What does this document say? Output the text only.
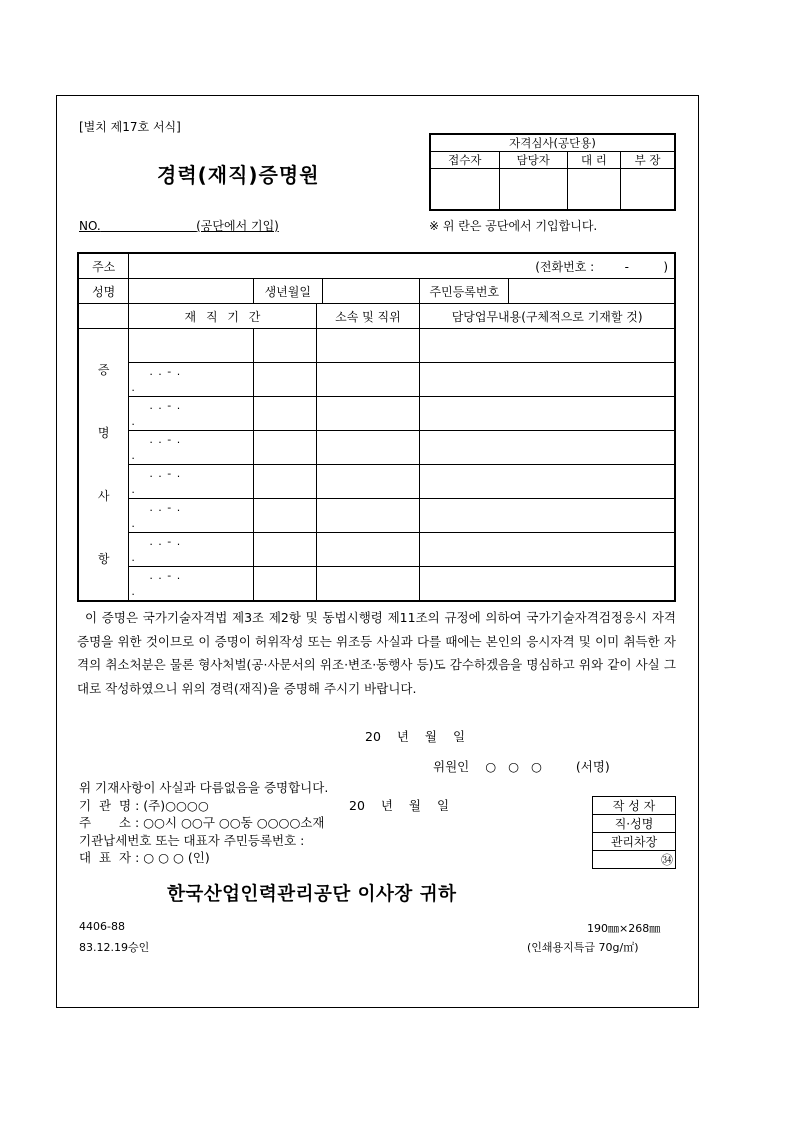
[별치 제17호 서식]
경력(재직)증명원
자격심사(공단용)			
접수자	담당자	대 리	부 장

NO.	(공단에서 기입)	※ 위 란은 공단에서 기입합니다.
주소	(전화번호 :        -         )			
성명		생년월일		주민등록번호

	재 직 기 간		소속 및 직위	담당업무내용(구체적으로 기재할 것)

증
명
사
항				

	. . - .
.			

	. . - .
.			

	. . - .
.			

	. . - .
.			

	. . - .
.			

	. . - .
.			

	. . - .
.			

이 증명은 국가기술자격법 제3조 제2항 및 동법시행령 제11조의 규정에 의하여 국가기술자격검정응시 자격증명을 위한 것이므로 이 증명이 허위작성 또는 위조등 사실과 다를 때에는 본인의 응시자격 및 이미 취득한 자격의 취소처분은 물론 형사처벌(공·사문서의 위조·변조·동행사 등)도 감수하겠음을 명심하고 위와 같이 사실 그대로 작성하였으니 위의 경력(재직)을 증명해 주시기 바랍니다.
20 년 월 일
위원인 ○ ○ ○ (서명)
위 기재사항이 사실과 다름없음을 증명합니다.
기  관  명 : (주)○○○○
주       소 : ○○시 ○○구 ○○동 ○○○○소재
기관납세번호 또는 대표자 주민등록번호 :
대  표  자 : ○ ○ ○ (인)
20 년 월 일	작 성 자
직·성명
관리차장
㉞
한국산업인력관리공단 이사장 귀하
4406-88
83.12.19승인
190㎜×268㎜
(인쇄용지특급 70g/㎡)
